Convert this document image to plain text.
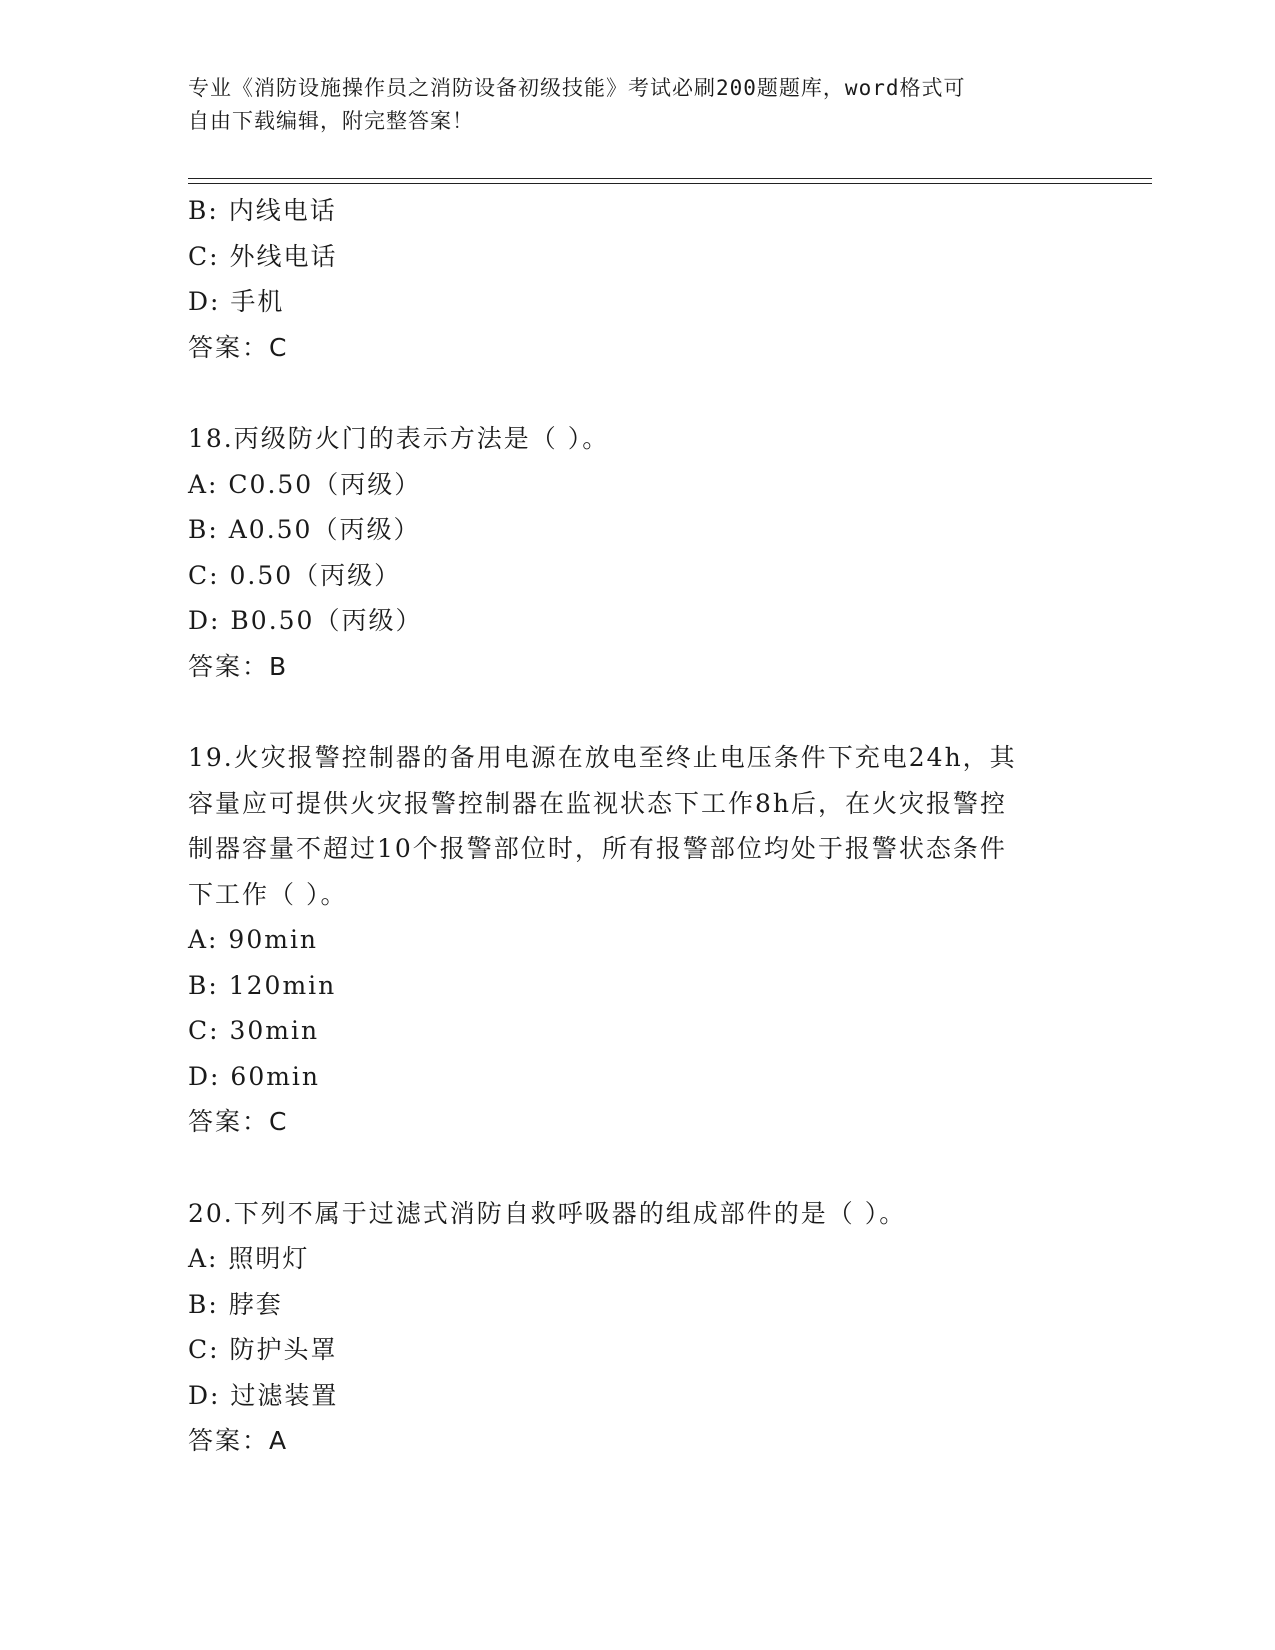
专业《消防设施操作员之消防设备初级技能》考试必刷200题题库，word格式可
自由下载编辑，附完整答案！
B: 内线电话
C: 外线电话
D: 手机
答案：C
18.丙级防火门的表示方法是（ ）。
A: C0.50（丙级）
B: A0.50（丙级）
C: 0.50（丙级）
D: B0.50（丙级）
答案：B
19.火灾报警控制器的备用电源在放电至终止电压条件下充电24h，其
容量应可提供火灾报警控制器在监视状态下工作8h后，在火灾报警控
制器容量不超过10个报警部位时，所有报警部位均处于报警状态条件
下工作（ ）。
A: 90min
B: 120min
C: 30min
D: 60min
答案：C
20.下列不属于过滤式消防自救呼吸器的组成部件的是（ ）。
A: 照明灯
B: 脖套
C: 防护头罩
D: 过滤装置
答案：A
